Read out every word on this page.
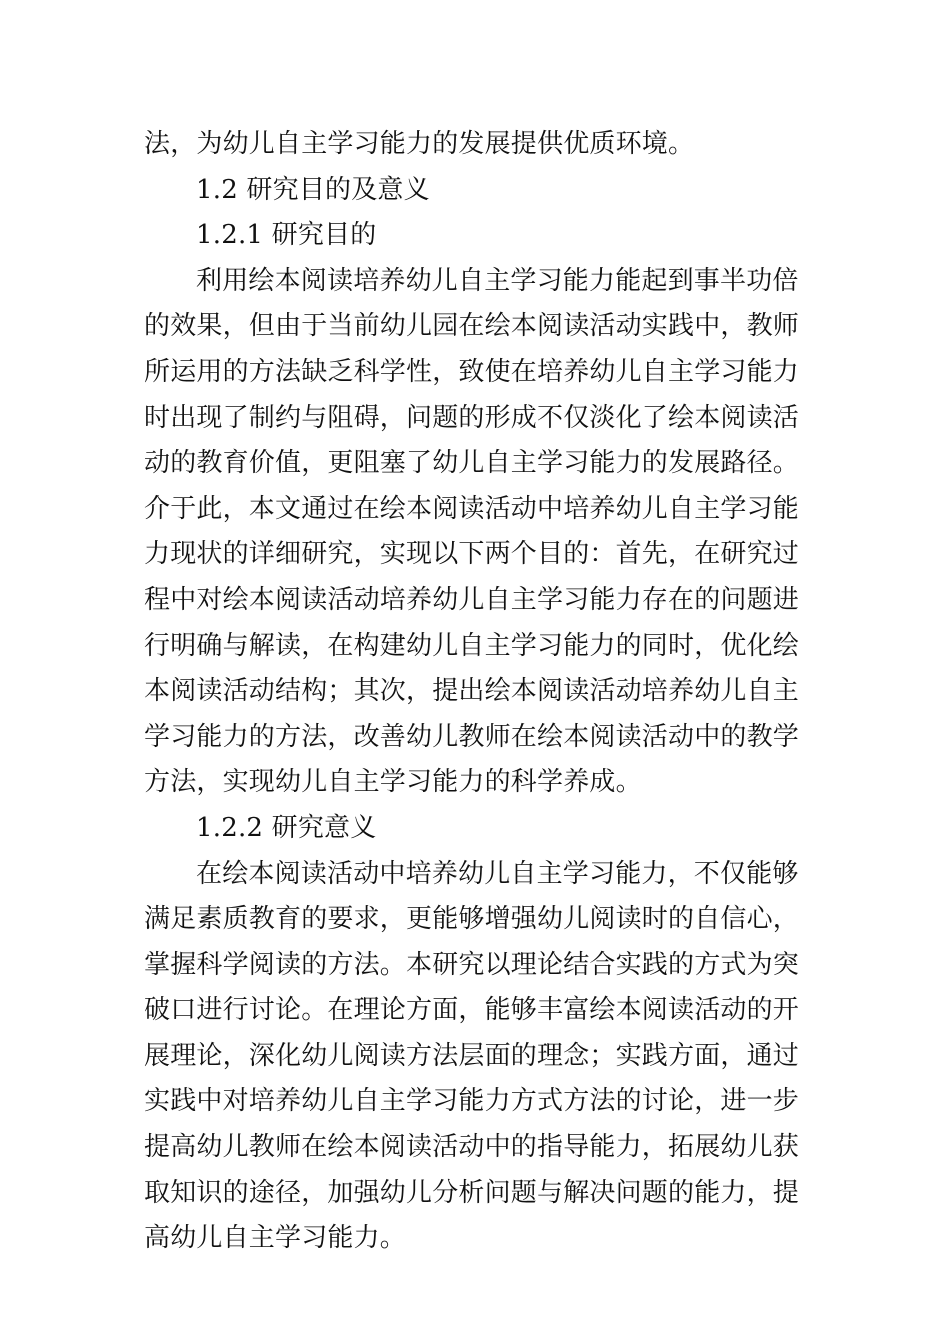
法，为幼儿自主学习能力的发展提供优质环境。
1.2 研究目的及意义
1.2.1 研究目的
利用绘本阅读培养幼儿自主学习能力能起到事半功倍
的效果，但由于当前幼儿园在绘本阅读活动实践中，教师
所运用的方法缺乏科学性，致使在培养幼儿自主学习能力
时出现了制约与阻碍，问题的形成不仅淡化了绘本阅读活
动的教育价值，更阻塞了幼儿自主学习能力的发展路径。
介于此，本文通过在绘本阅读活动中培养幼儿自主学习能
力现状的详细研究，实现以下两个目的：首先，在研究过
程中对绘本阅读活动培养幼儿自主学习能力存在的问题进
行明确与解读，在构建幼儿自主学习能力的同时，优化绘
本阅读活动结构；其次，提出绘本阅读活动培养幼儿自主
学习能力的方法，改善幼儿教师在绘本阅读活动中的教学
方法，实现幼儿自主学习能力的科学养成。
1.2.2 研究意义
在绘本阅读活动中培养幼儿自主学习能力，不仅能够
满足素质教育的要求，更能够增强幼儿阅读时的自信心，
掌握科学阅读的方法。本研究以理论结合实践的方式为突
破口进行讨论。在理论方面，能够丰富绘本阅读活动的开
展理论，深化幼儿阅读方法层面的理念；实践方面，通过
实践中对培养幼儿自主学习能力方式方法的讨论，进一步
提高幼儿教师在绘本阅读活动中的指导能力，拓展幼儿获
取知识的途径，加强幼儿分析问题与解决问题的能力，提
高幼儿自主学习能力。
